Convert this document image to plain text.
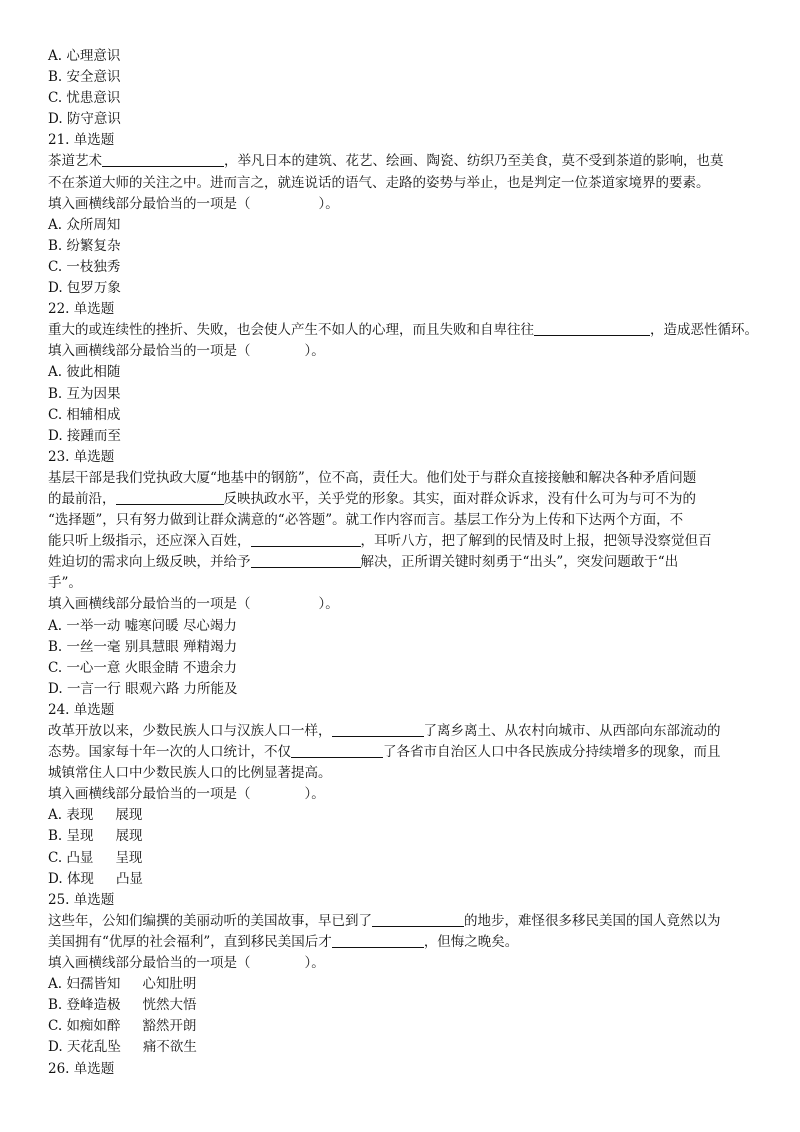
A. 心理意识
B. 安全意识
C. 忧患意识
D. 防守意识
21. 单选题
茶道艺术	，举凡日本的建筑、花艺、绘画、陶瓷、纺织乃至美食，莫不受到茶道的影响，也莫
不在茶道大师的关注之中。进而言之，就连说话的语气、走路的姿势与举止，也是判定一位茶道家境界的要素。
填入画横线部分最恰当的一项是（	）。
A. 众所周知
B. 纷繁复杂
C. 一枝独秀
D. 包罗万象
22. 单选题
重大的或连续性的挫折、失败，也会使人产生不如人的心理，而且失败和自卑往往	，造成恶性循环。
填入画横线部分最恰当的一项是（	）。
A. 彼此相随
B. 互为因果
C. 相辅相成
D. 接踵而至
23. 单选题
基层干部是我们党执政大厦“地基中的钢筋”，位不高，责任大。他们处于与群众直接接触和解决各种矛盾问题
的最前沿，	反映执政水平，关乎党的形象。其实，面对群众诉求，没有什么可为与可不为的
“选择题”，只有努力做到让群众满意的“必答题”。就工作内容而言。基层工作分为上传和下达两个方面，不
能只听上级指示，还应深入百姓，	，耳听八方，把了解到的民情及时上报，把领导没察觉但百
姓迫切的需求向上级反映，并给予	解决，正所谓关键时刻勇于“出头”，突发问题敢于“出
手”。
填入画横线部分最恰当的一项是（	）。
A. 一举一动 嘘寒问暖 尽心竭力
B. 一丝一毫 别具慧眼 殚精竭力
C. 一心一意 火眼金睛 不遗余力
D. 一言一行 眼观六路 力所能及
24. 单选题
改革开放以来，少数民族人口与汉族人口一样，	了离乡离土、从农村向城市、从西部向东部流动的
态势。国家每十年一次的人口统计，不仅	了各省市自治区人口中各民族成分持续增多的现象，而且
城镇常住人口中少数民族人口的比例显著提高。
填入画横线部分最恰当的一项是（	）。
A. 表现 展现
B. 呈现 展现
C. 凸显 呈现
D. 体现 凸显
25. 单选题
这些年，公知们编撰的美丽动听的美国故事，早已到了	的地步，难怪很多移民美国的国人竟然以为
美国拥有“优厚的社会福利”，直到移民美国后才	，但悔之晚矣。
填入画横线部分最恰当的一项是（	）。
A. 妇孺皆知 心知肚明
B. 登峰造极 恍然大悟
C. 如痴如醉 豁然开朗
D. 天花乱坠 痛不欲生
26. 单选题
